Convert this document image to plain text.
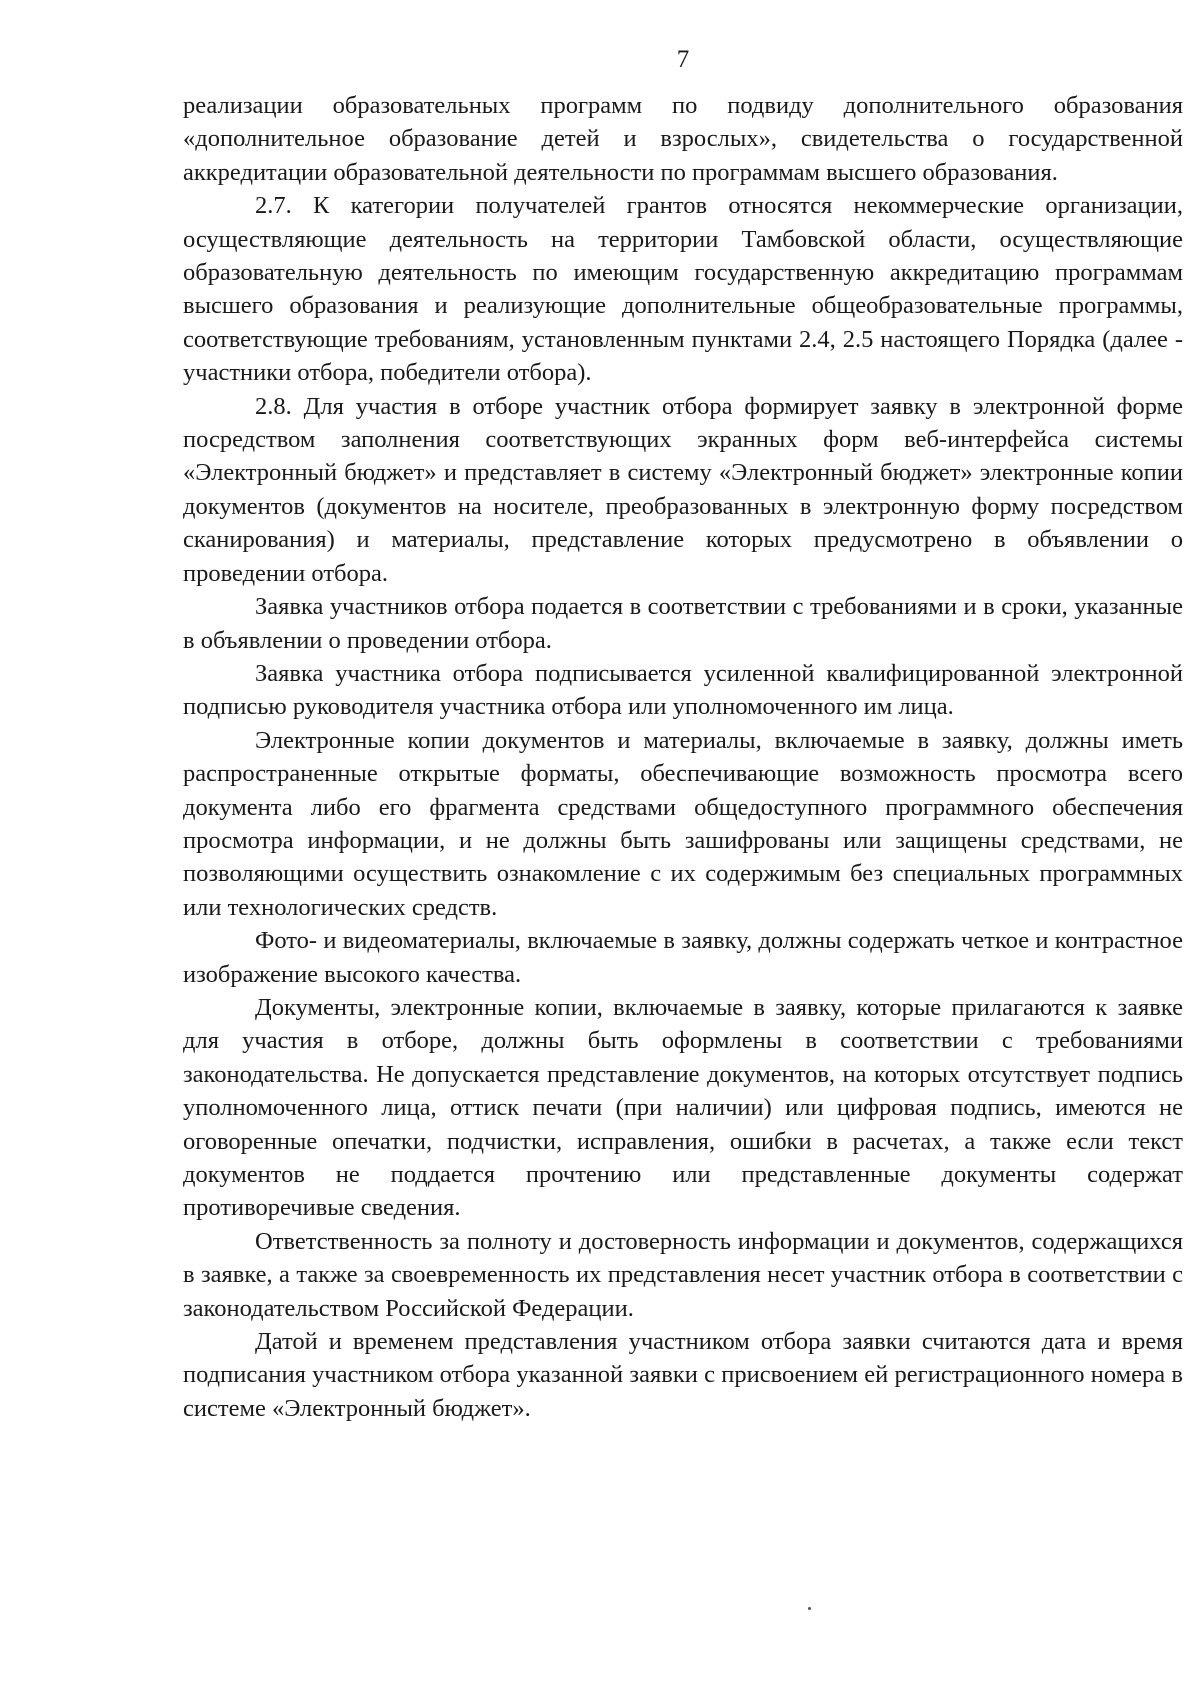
7

реализации образовательных программ по подвиду дополнительного образования «дополнительное образование детей и взрослых», свидетельства о государственной аккредитации образовательной деятельности по программам высшего образования.

2.7. К категории получателей грантов относятся некоммерческие организации, осуществляющие деятельность на территории Тамбовской области, осуществляющие образовательную деятельность по имеющим государственную аккредитацию программам высшего образования и реализующие дополнительные общеобразовательные программы, соответствующие требованиям, установленным пунктами 2.4, 2.5 настоящего Порядка (далее - участники отбора, победители отбора).

2.8. Для участия в отборе участник отбора формирует заявку в электронной форме посредством заполнения соответствующих экранных форм веб-интерфейса системы «Электронный бюджет» и представляет в систему «Электронный бюджет» электронные копии документов (документов на носителе, преобразованных в электронную форму посредством сканирования) и материалы, представление которых предусмотрено в объявлении о проведении отбора.

Заявка участников отбора подается в соответствии с требованиями и в сроки, указанные в объявлении о проведении отбора.

Заявка участника отбора подписывается усиленной квалифицированной электронной подписью руководителя участника отбора или уполномоченного им лица.

Электронные копии документов и материалы, включаемые в заявку, должны иметь распространенные открытые форматы, обеспечивающие возможность просмотра всего документа либо его фрагмента средствами общедоступного программного обеспечения просмотра информации, и не должны быть зашифрованы или защищены средствами, не позволяющими осуществить ознакомление с их содержимым без специальных программных или технологических средств.

Фото- и видеоматериалы, включаемые в заявку, должны содержать четкое и контрастное изображение высокого качества.

Документы, электронные копии, включаемые в заявку, которые прилагаются к заявке для участия в отборе, должны быть оформлены в соответствии с требованиями законодательства. Не допускается представление документов, на которых отсутствует подпись уполномоченного лица, оттиск печати (при наличии) или цифровая подпись, имеются не оговоренные опечатки, подчистки, исправления, ошибки в расчетах, а также если текст документов не поддается прочтению или представленные документы содержат противоречивые сведения.

Ответственность за полноту и достоверность информации и документов, содержащихся в заявке, а также за своевременность их представления несет участник отбора в соответствии с законодательством Российской Федерации.

Датой и временем представления участником отбора заявки считаются дата и время подписания участником отбора указанной заявки с присвоением ей регистрационного номера в системе «Электронный бюджет».
